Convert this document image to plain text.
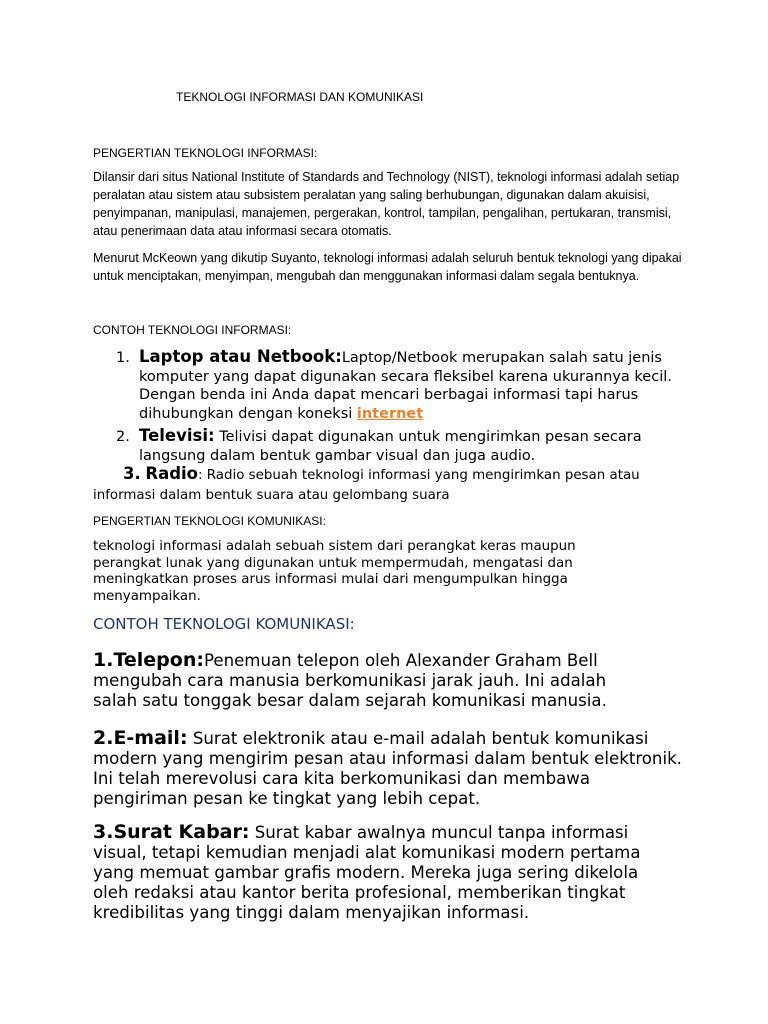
TEKNOLOGI INFORMASI DAN KOMUNIKASI
PENGERTIAN TEKNOLOGI INFORMASI:
Dilansir dari situs National Institute of Standards and Technology (NIST), teknologi informasi adalah setiap peralatan atau sistem atau subsistem peralatan yang saling berhubungan, digunakan dalam akuisisi, penyimpanan, manipulasi, manajemen, pergerakan, kontrol, tampilan, pengalihan, pertukaran, transmisi, atau penerimaan data atau informasi secara otomatis.
Menurut McKeown yang dikutip Suyanto, teknologi informasi adalah seluruh bentuk teknologi yang dipakai untuk menciptakan, menyimpan, mengubah dan menggunakan informasi dalam segala bentuknya.
CONTOH TEKNOLOGI INFORMASI:
1. Laptop atau Netbook:Laptop/Netbook merupakan salah satu jenis komputer yang dapat digunakan secara fleksibel karena ukurannya kecil. Dengan benda ini Anda dapat mencari berbagai informasi tapi harus dihubungkan dengan koneksi internet
2. Televisi: Telivisi dapat digunakan untuk mengirimkan pesan secara langsung dalam bentuk gambar visual dan juga audio.
3. Radio: Radio sebuah teknologi informasi yang mengirimkan pesan atau informasi dalam bentuk suara atau gelombang suara
PENGERTIAN TEKNOLOGI KOMUNIKASI:
teknologi informasi adalah sebuah sistem dari perangkat keras maupun perangkat lunak yang digunakan untuk mempermudah, mengatasi dan meningkatkan proses arus informasi mulai dari mengumpulkan hingga menyampaikan.
CONTOH TEKNOLOGI KOMUNIKASI:
1.Telepon:Penemuan telepon oleh Alexander Graham Bell mengubah cara manusia berkomunikasi jarak jauh. Ini adalah salah satu tonggak besar dalam sejarah komunikasi manusia.
2.E-mail: Surat elektronik atau e-mail adalah bentuk komunikasi modern yang mengirim pesan atau informasi dalam bentuk elektronik. Ini telah merevolusi cara kita berkomunikasi dan membawa pengiriman pesan ke tingkat yang lebih cepat.
3.Surat Kabar: Surat kabar awalnya muncul tanpa informasi visual, tetapi kemudian menjadi alat komunikasi modern pertama yang memuat gambar grafis modern. Mereka juga sering dikelola oleh redaksi atau kantor berita profesional, memberikan tingkat kredibilitas yang tinggi dalam menyajikan informasi.
